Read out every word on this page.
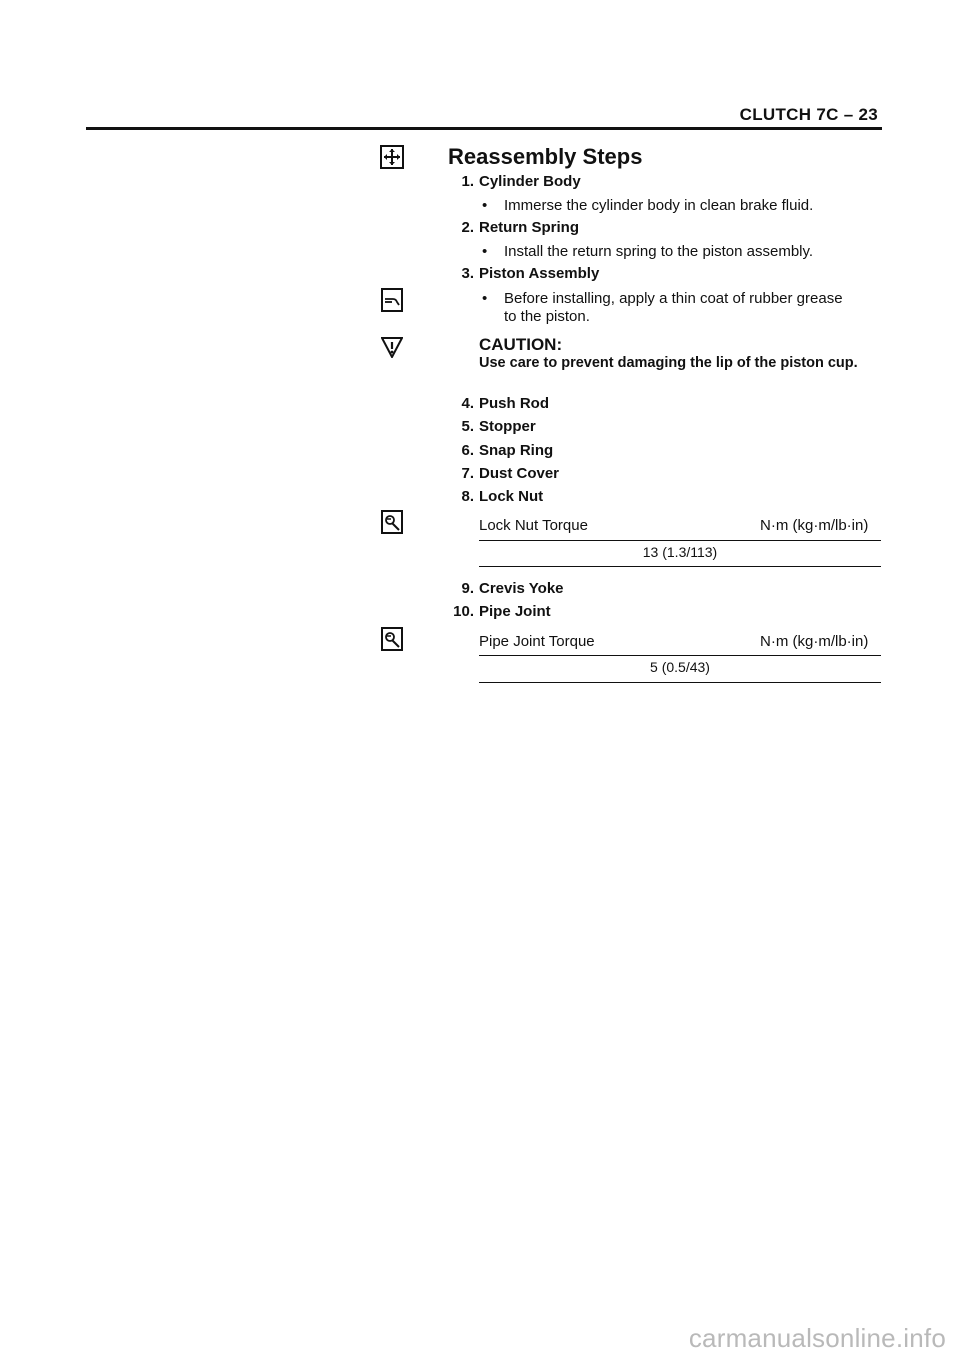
CLUTCH 7C – 23
Reassembly Steps
1. Cylinder Body
• Immerse the cylinder body in clean brake fluid.
2. Return Spring
• Install the return spring to the piston assembly.
3. Piston Assembly
• Before installing, apply a thin coat of rubber grease
to the piston.
CAUTION:
Use care to prevent damaging the lip of the piston cup.
4. Push Rod
5. Stopper
6. Snap Ring
7. Dust Cover
8. Lock Nut
Lock Nut Torque	N·m (kg·m/lb·in)
13 (1.3/113)
9. Crevis Yoke
10. Pipe Joint
Pipe Joint Torque	N·m (kg·m/lb·in)
5 (0.5/43)
carmanualsonline.info
